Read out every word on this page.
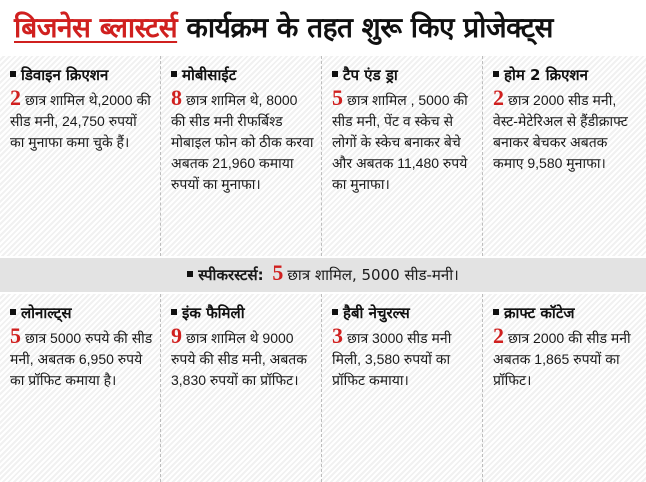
बिजनेस ब्लास्टर्स कार्यक्रम के तहत शुरू किए प्रोजेक्ट्स
डिवाइन क्रिएशन
2 छात्र शामिल थे,2000 की सीड मनी, 24,750 रुपयों का मुनाफा कमा चुके हैं।
मोबीसाईट
8 छात्र शामिल थे, 8000 की सीड मनी रीफर्बिश्ड मोबाइल फोन को ठीक करवा अबतक 21,960 कमाया रुपयों का मुनाफा।
टैप एंड ड्रा
5 छात्र शामिल , 5000 की सीड मनी, पेंट व स्केच से लोगों के स्केच बनाकर बेचे और अबतक 11,480 रुपये का मुनाफा।
होम 2 क्रिएशन
2 छात्र 2000 सीड मनी, वेस्ट-मेटेरिअल से हैंडीक्राफ्ट बनाकर बेचकर अबतक कमाए 9,580 मुनाफा।
स्पीकरस्टर्स: 5 छात्र शामिल, 5000 सीड-मनी।
लोनाल्ट्स
5 छात्र 5000 रुपये की सीड मनी, अबतक 6,950 रुपये का प्रॉफिट कमाया है।
इंक फैमिली
9 छात्र शामिल थे 9000 रुपये की सीड मनी, अबतक 3,830 रुपयों का प्रॉफिट।
हैबी नेचुरल्स
3 छात्र 3000 सीड मनी मिली, 3,580 रुपयों का प्रॉफिट कमाया।
क्राफ्ट कॉटेज
2 छात्र 2000 की सीड मनी अबतक 1,865 रुपयों का प्रॉफिट।
